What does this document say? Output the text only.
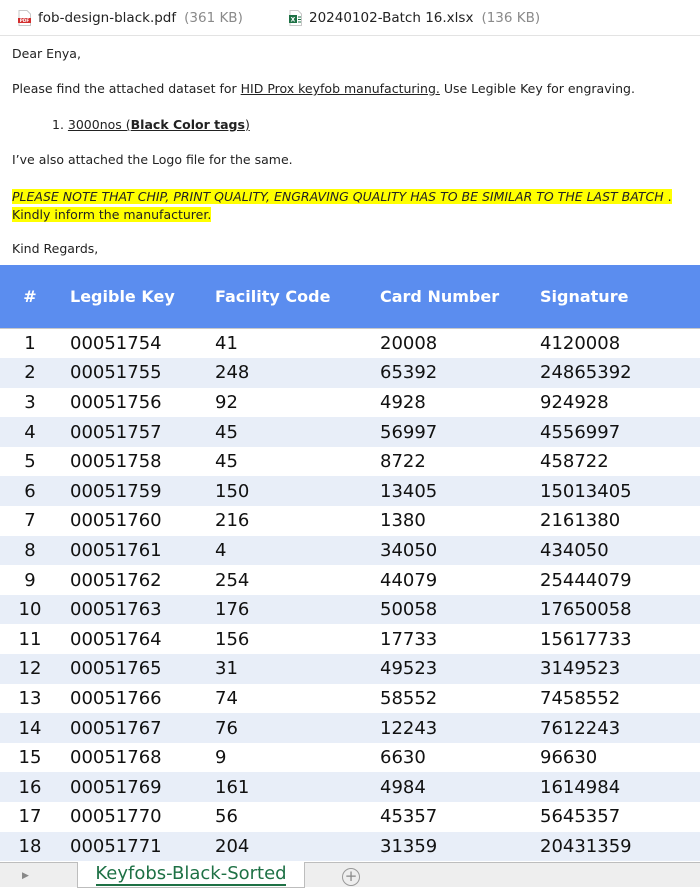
PDF fob-design-black.pdf (361 KB)	X 20240102-Batch 16.xlsx (136 KB)

Dear Enya,

Please find the attached dataset for HID Prox keyfob manufacturing. Use Legible Key for engraving.

1. 3000nos (Black Color tags)

I’ve also attached the Logo file for the same.

PLEASE NOTE THAT CHIP, PRINT QUALITY, ENGRAVING QUALITY HAS TO BE SIMILAR TO THE LAST BATCH . Kindly inform the manufacturer.

Kind Regards,

#	Legible Key	Facility Code	Card Number	Signature
1	00051754	41	20008	4120008
2	00051755	248	65392	24865392
3	00051756	92	4928	924928
4	00051757	45	56997	4556997
5	00051758	45	8722	458722
6	00051759	150	13405	15013405
7	00051760	216	1380	2161380
8	00051761	4	34050	434050
9	00051762	254	44079	25444079
10	00051763	176	50058	17650058
11	00051764	156	17733	15617733
12	00051765	31	49523	3149523
13	00051766	74	58552	7458552
14	00051767	76	12243	7612243
15	00051768	9	6630	96630
16	00051769	161	4984	1614984
17	00051770	56	45357	5645357
18	00051771	204	31359	20431359
▶	Keyfobs-Black-Sorted	+
